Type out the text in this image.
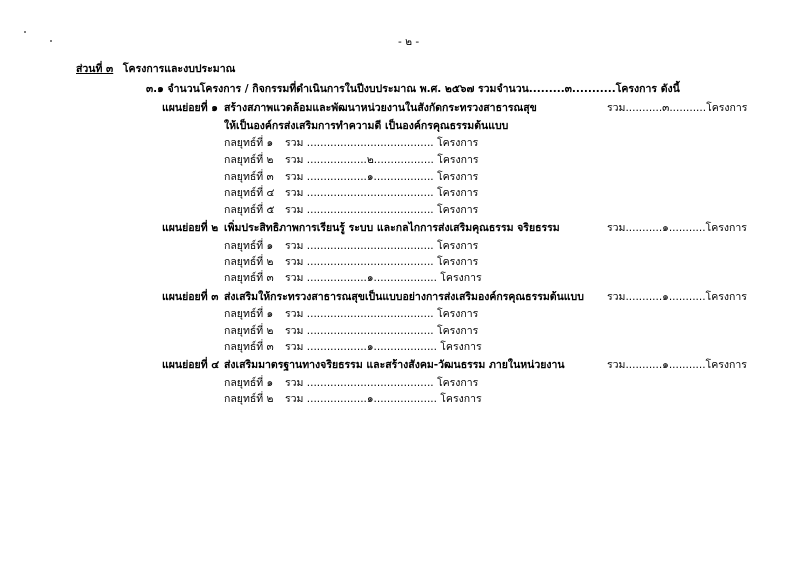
- ๒ -
ส่วนที่ ๓ โครงการและงบประมาณ
๓.๑ จำนวนโครงการ / กิจกรรมที่ดำเนินการในปีงบประมาณ พ.ศ. ๒๕๖๗ รวมจำนวน.........๓...........โครงการ ดังนี้
แผนย่อยที่ ๑ สร้างสภาพแวดล้อมและพัฒนาหน่วยงานในสังกัดกระทรวงสาธารณสุข
ให้เป็นองค์กรส่งเสริมการทำความดี เป็นองค์กรคุณธรรมต้นแบบ
รวม...........๓...........โครงการ
กลยุทธ์ที่ ๑ รวม ...................................... โครงการ
กลยุทธ์ที่ ๒ รวม ..................๒.................. โครงการ
กลยุทธ์ที่ ๓ รวม ..................๑.................. โครงการ
กลยุทธ์ที่ ๔ รวม ...................................... โครงการ
กลยุทธ์ที่ ๕ รวม ...................................... โครงการ
แผนย่อยที่ ๒ เพิ่มประสิทธิภาพการเรียนรู้ ระบบ และกลไกการส่งเสริมคุณธรรม จริยธรรม	รวม...........๑...........โครงการ
กลยุทธ์ที่ ๑ รวม ...................................... โครงการ
กลยุทธ์ที่ ๒ รวม ...................................... โครงการ
กลยุทธ์ที่ ๓ รวม ..................๑................... โครงการ
แผนย่อยที่ ๓ ส่งเสริมให้กระทรวงสาธารณสุขเป็นแบบอย่างการส่งเสริมองค์กรคุณธรรมต้นแบบ รวม...........๑...........โครงการ
กลยุทธ์ที่ ๑ รวม ...................................... โครงการ
กลยุทธ์ที่ ๒ รวม ...................................... โครงการ
กลยุทธ์ที่ ๓ รวม ..................๑................... โครงการ
แผนย่อยที่ ๔ ส่งเสริมมาตรฐานทางจริยธรรม และสร้างสังคม-วัฒนธรรม ภายในหน่วยงาน	รวม...........๑...........โครงการ
กลยุทธ์ที่ ๑ รวม ...................................... โครงการ
กลยุทธ์ที่ ๒ รวม ..................๑................... โครงการ
